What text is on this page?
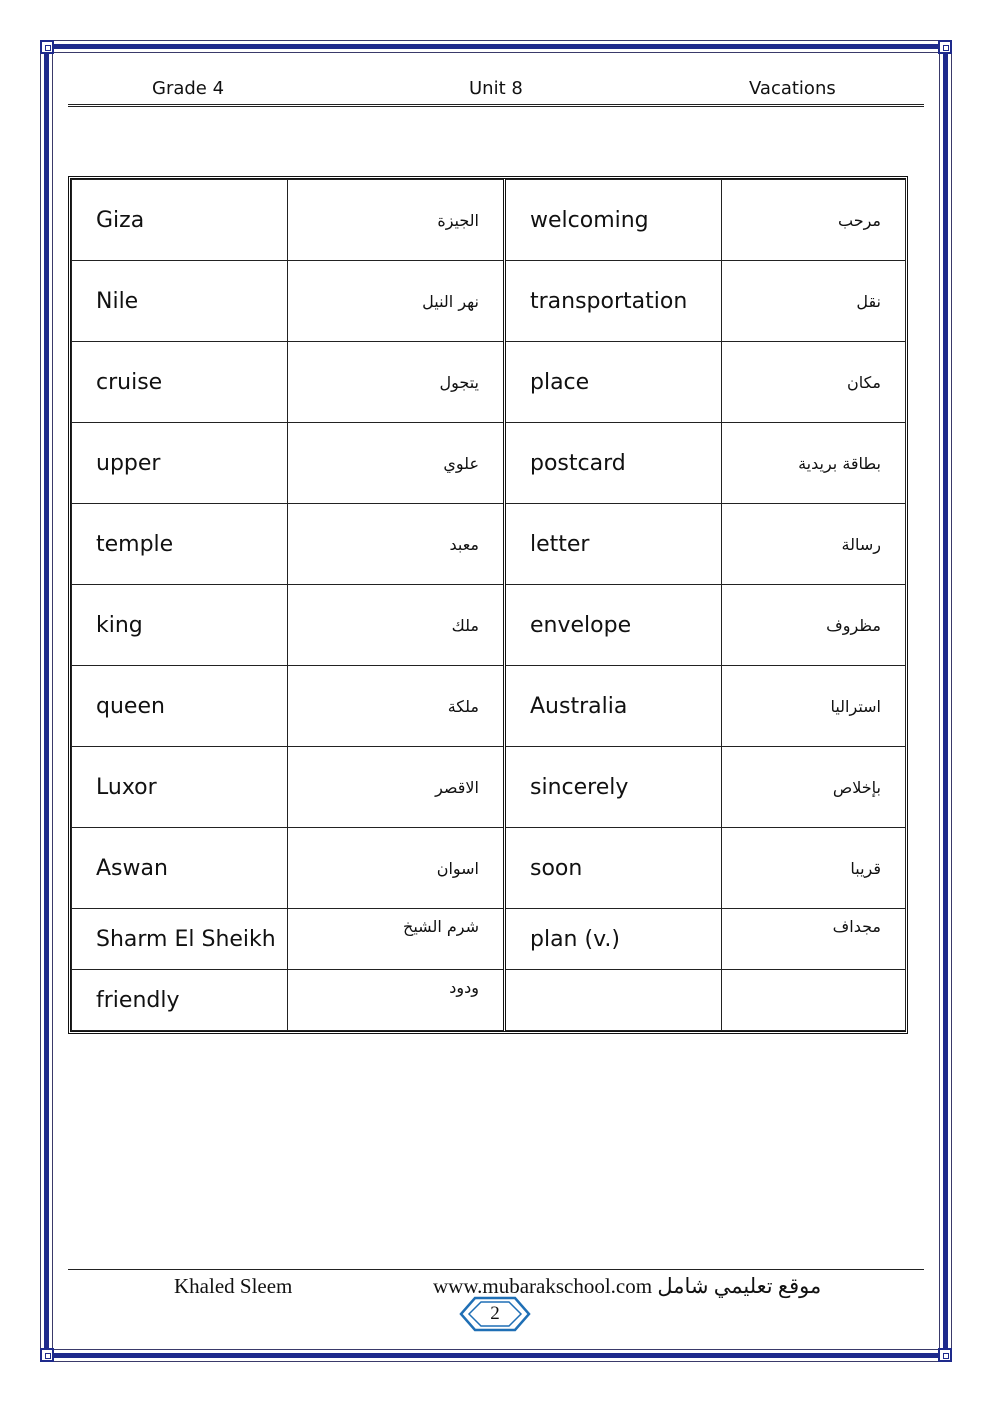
Grade 4	Unit 8	Vacations
Giza	الجيزة	welcoming	مرحب
Nile	نهر النيل	transportation	نقل
cruise	يتجول	place	مكان
upper	علوي	postcard	بطاقة بريدية
temple	معبد	letter	رسالة
king	ملك	envelope	مظروف
queen	ملكة	Australia	استراليا
Luxor	الاقصر	sincerely	بإخلاص
Aswan	اسوان	soon	قريبا
Sharm El Sheikh	شرم الشيخ	plan (v.)	مجداف
friendly	ودود		
Khaled Sleem	www.mubarakschool.com موقع تعليمي شامل
2
